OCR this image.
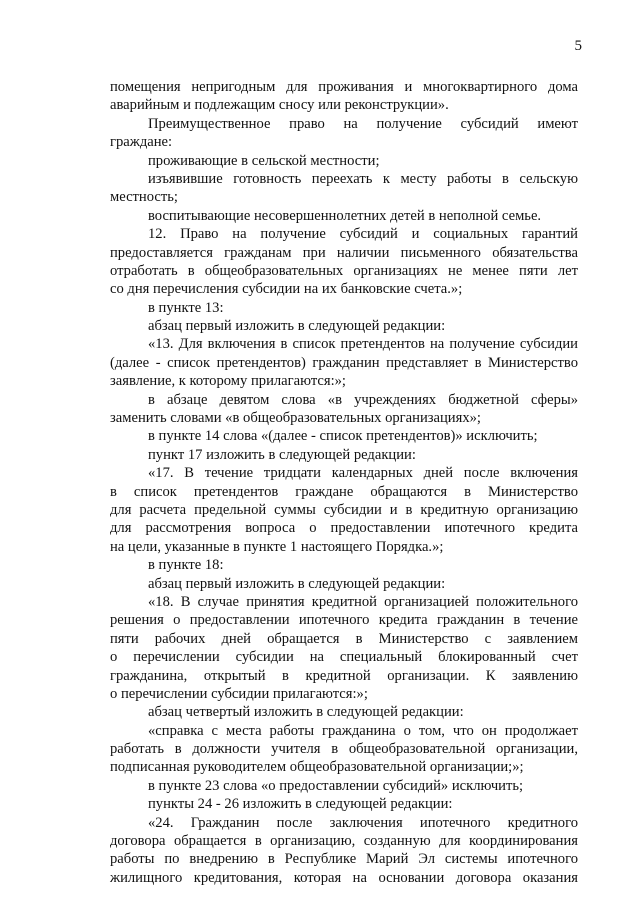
5
помещения непригодным для проживания и многоквартирного дома
аварийным и подлежащим сносу или реконструкции».
Преимущественное право на получение субсидий имеют
граждане:
проживающие в сельской местности;
изъявившие готовность переехать к месту работы в сельскую
местность;
воспитывающие несовершеннолетних детей в неполной семье.
12. Право на получение субсидий и социальных гарантий
предоставляется гражданам при наличии письменного обязательства
отработать в общеобразовательных организациях не менее пяти лет
со дня перечисления субсидии на их банковские счета.»;
в пункте 13:
абзац первый изложить в следующей редакции:
«13. Для включения в список претендентов на получение субсидии
(далее - список претендентов) гражданин представляет в Министерство
заявление, к которому прилагаются:»;
в абзаце девятом слова «в учреждениях бюджетной сферы»
заменить словами «в общеобразовательных организациях»;
в пункте 14 слова «(далее - список претендентов)» исключить;
пункт 17 изложить в следующей редакции:
«17. В течение тридцати календарных дней после включения
в список претендентов граждане обращаются в Министерство
для расчета предельной суммы субсидии и в кредитную организацию
для рассмотрения вопроса о предоставлении ипотечного кредита
на цели, указанные в пункте 1 настоящего Порядка.»;
в пункте 18:
абзац первый изложить в следующей редакции:
«18. В случае принятия кредитной организацией положительного
решения о предоставлении ипотечного кредита гражданин в течение
пяти рабочих дней обращается в Министерство с заявлением
о перечислении субсидии на специальный блокированный счет
гражданина, открытый в кредитной организации. К заявлению
о перечислении субсидии прилагаются:»;
абзац четвертый изложить в следующей редакции:
«справка с места работы гражданина о том, что он продолжает
работать в должности учителя в общеобразовательной организации,
подписанная руководителем общеобразовательной организации;»;
в пункте 23 слова «о предоставлении субсидий» исключить;
пункты 24 - 26 изложить в следующей редакции:
«24. Гражданин после заключения ипотечного кредитного
договора обращается в организацию, созданную для координирования
работы по внедрению в Республике Марий Эл системы ипотечного
жилищного кредитования, которая на основании договора оказания
